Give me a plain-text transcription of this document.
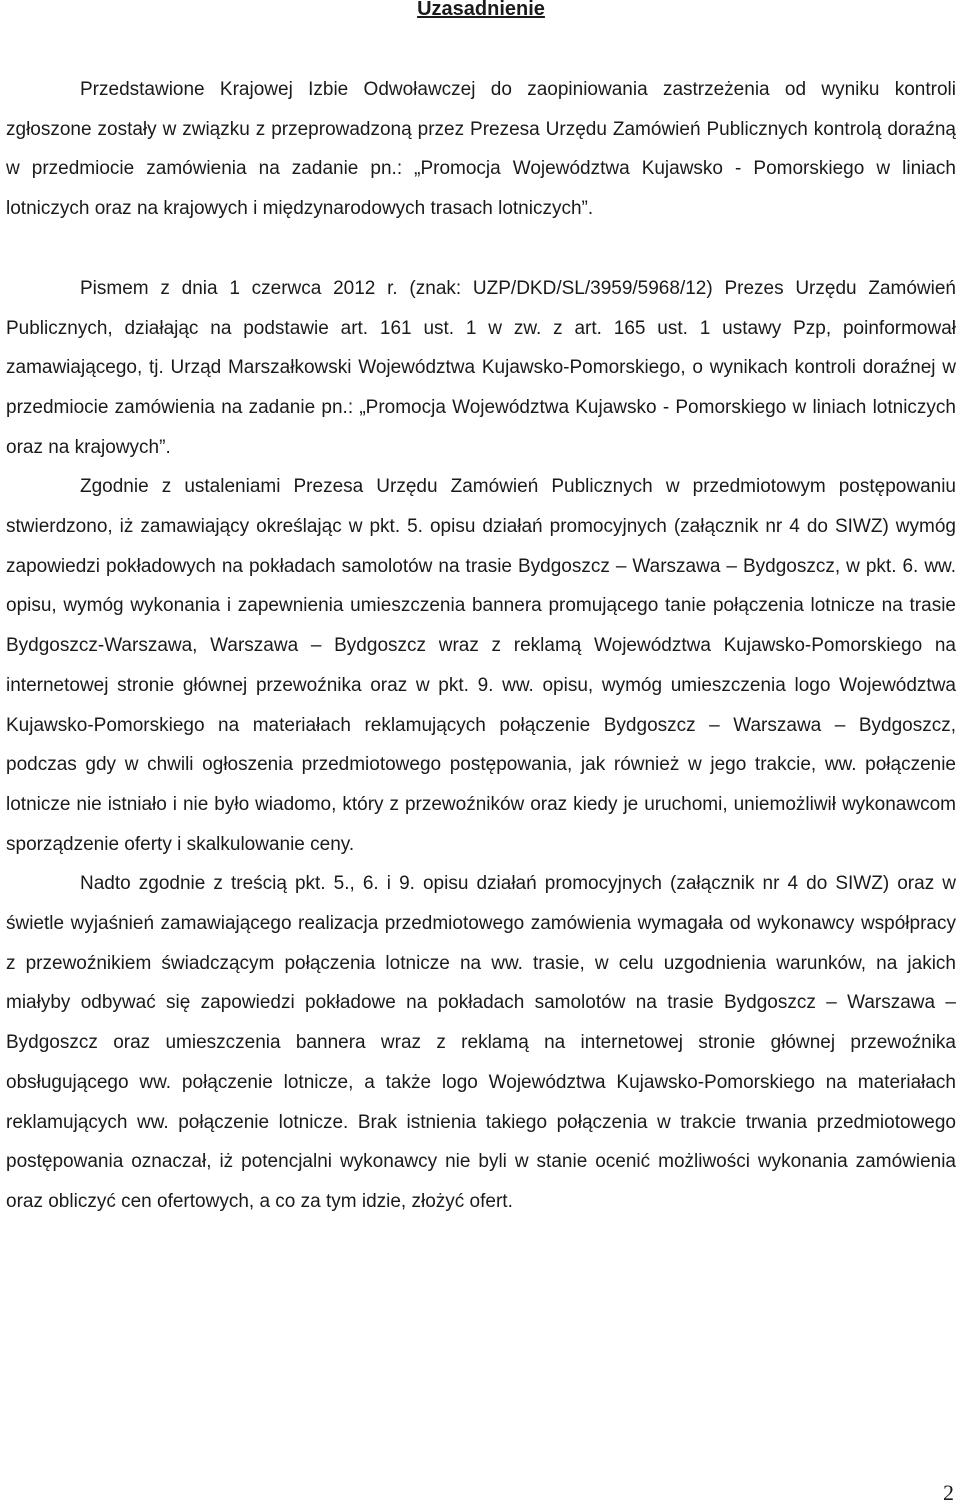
Uzasadnienie

Przedstawione Krajowej Izbie Odwoławczej do zaopiniowania zastrzeżenia od wyniku kontroli zgłoszone zostały w związku z przeprowadzoną przez Prezesa Urzędu Zamówień Publicznych kontrolą doraźną w przedmiocie zamówienia na zadanie pn.: „Promocja Województwa Kujawsko - Pomorskiego w liniach lotniczych oraz na krajowych i międzynarodowych trasach lotniczych”.

Pismem z dnia 1 czerwca 2012 r. (znak: UZP/DKD/SL/3959/5968/12) Prezes Urzędu Zamówień Publicznych, działając na podstawie art. 161 ust. 1 w zw. z art. 165 ust. 1 ustawy Pzp, poinformował zamawiającego, tj. Urząd Marszałkowski Województwa Kujawsko-Pomorskiego, o wynikach kontroli doraźnej w przedmiocie zamówienia na zadanie pn.: „Promocja Województwa Kujawsko - Pomorskiego w liniach lotniczych oraz na krajowych”.

Zgodnie z ustaleniami Prezesa Urzędu Zamówień Publicznych w przedmiotowym postępowaniu stwierdzono, iż zamawiający określając w pkt. 5. opisu działań promocyjnych (załącznik nr 4 do SIWZ) wymóg zapowiedzi pokładowych na pokładach samolotów na trasie Bydgoszcz – Warszawa – Bydgoszcz, w pkt. 6. ww. opisu, wymóg wykonania i zapewnienia umieszczenia bannera promującego tanie połączenia lotnicze na trasie Bydgoszcz-Warszawa, Warszawa – Bydgoszcz wraz z reklamą Województwa Kujawsko-Pomorskiego na internetowej stronie głównej przewoźnika oraz w pkt. 9. ww. opisu, wymóg umieszczenia logo Województwa Kujawsko-Pomorskiego na materiałach reklamujących połączenie Bydgoszcz – Warszawa – Bydgoszcz, podczas gdy w chwili ogłoszenia przedmiotowego postępowania, jak również w jego trakcie, ww. połączenie lotnicze nie istniało i nie było wiadomo, który z przewoźników oraz kiedy je uruchomi, uniemożliwił wykonawcom sporządzenie oferty i skalkulowanie ceny.

Nadto zgodnie z treścią pkt. 5., 6. i 9. opisu działań promocyjnych (załącznik nr 4 do SIWZ) oraz w świetle wyjaśnień zamawiającego realizacja przedmiotowego zamówienia wymagała od wykonawcy współpracy z przewoźnikiem świadczącym połączenia lotnicze na ww. trasie, w celu uzgodnienia warunków, na jakich miałyby odbywać się zapowiedzi pokładowe na pokładach samolotów na trasie Bydgoszcz – Warszawa – Bydgoszcz oraz umieszczenia bannera wraz z reklamą na internetowej stronie głównej przewoźnika obsługującego ww. połączenie lotnicze, a także logo Województwa Kujawsko-Pomorskiego na materiałach reklamujących ww. połączenie lotnicze. Brak istnienia takiego połączenia w trakcie trwania przedmiotowego postępowania oznaczał, iż potencjalni wykonawcy nie byli w stanie ocenić możliwości wykonania zamówienia oraz obliczyć cen ofertowych, a co za tym idzie, złożyć ofert.

2
